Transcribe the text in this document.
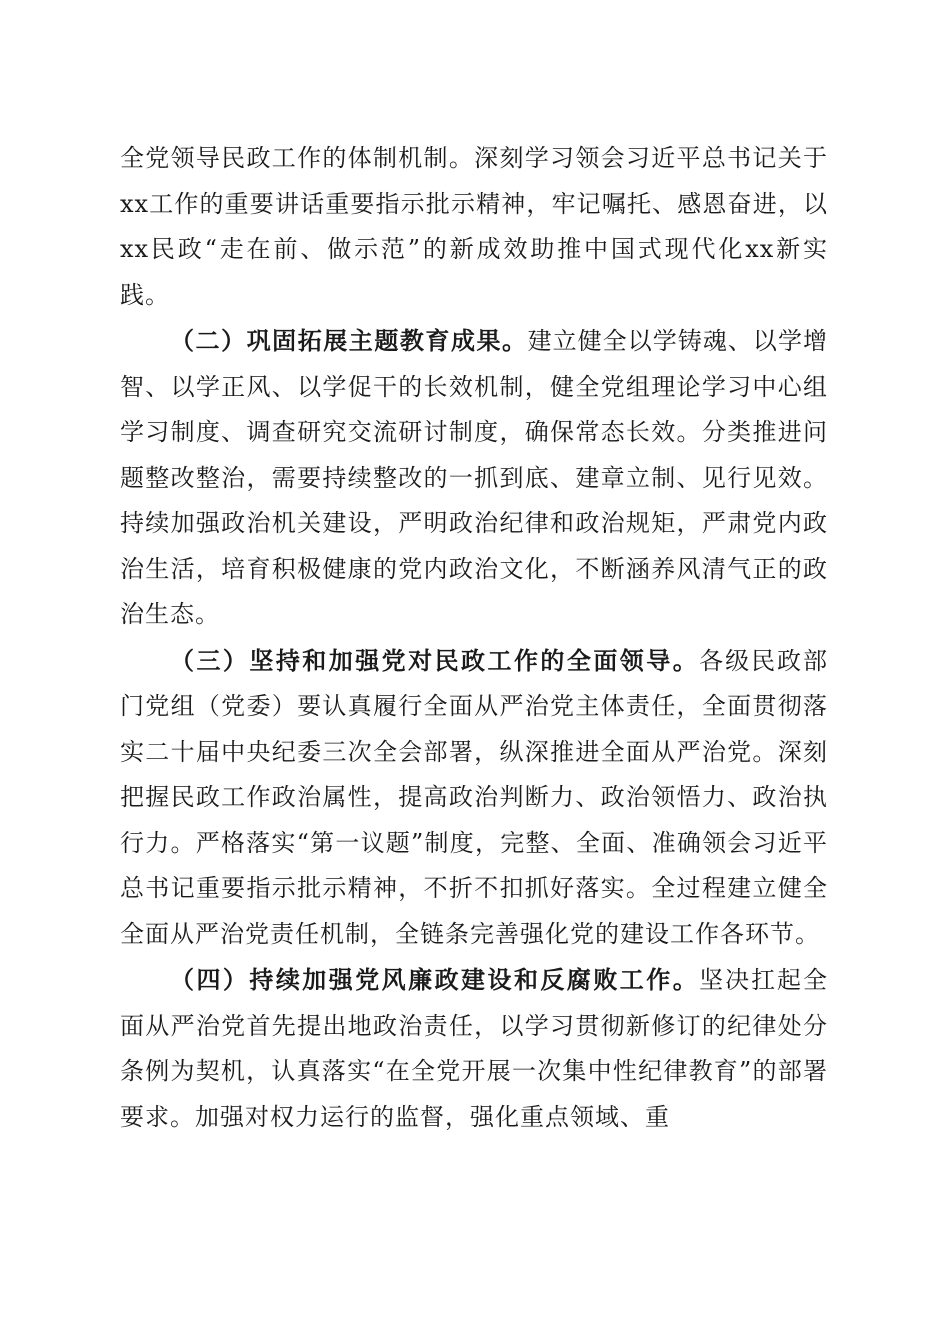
全党领导民政工作的体制机制。深刻学习领会习近平总书记关于xx工作的重要讲话重要指示批示精神，牢记嘱托、感恩奋进，以xx民政“走在前、做示范”的新成效助推中国式现代化xx新实践。

（二）巩固拓展主题教育成果。建立健全以学铸魂、以学增智、以学正风、以学促干的长效机制，健全党组理论学习中心组学习制度、调查研究交流研讨制度，确保常态长效。分类推进问题整改整治，需要持续整改的一抓到底、建章立制、见行见效。持续加强政治机关建设，严明政治纪律和政治规矩，严肃党内政治生活，培育积极健康的党内政治文化，不断涵养风清气正的政治生态。

（三）坚持和加强党对民政工作的全面领导。各级民政部门党组（党委）要认真履行全面从严治党主体责任，全面贯彻落实二十届中央纪委三次全会部署，纵深推进全面从严治党。深刻把握民政工作政治属性，提高政治判断力、政治领悟力、政治执行力。严格落实“第一议题”制度，完整、全面、准确领会习近平总书记重要指示批示精神，不折不扣抓好落实。全过程建立健全全面从严治党责任机制，全链条完善强化党的建设工作各环节。

（四）持续加强党风廉政建设和反腐败工作。坚决扛起全面从严治党首先提出地政治责任，以学习贯彻新修订的纪律处分条例为契机，认真落实“在全党开展一次集中性纪律教育”的部署要求。加强对权力运行的监督，强化重点领域、重
